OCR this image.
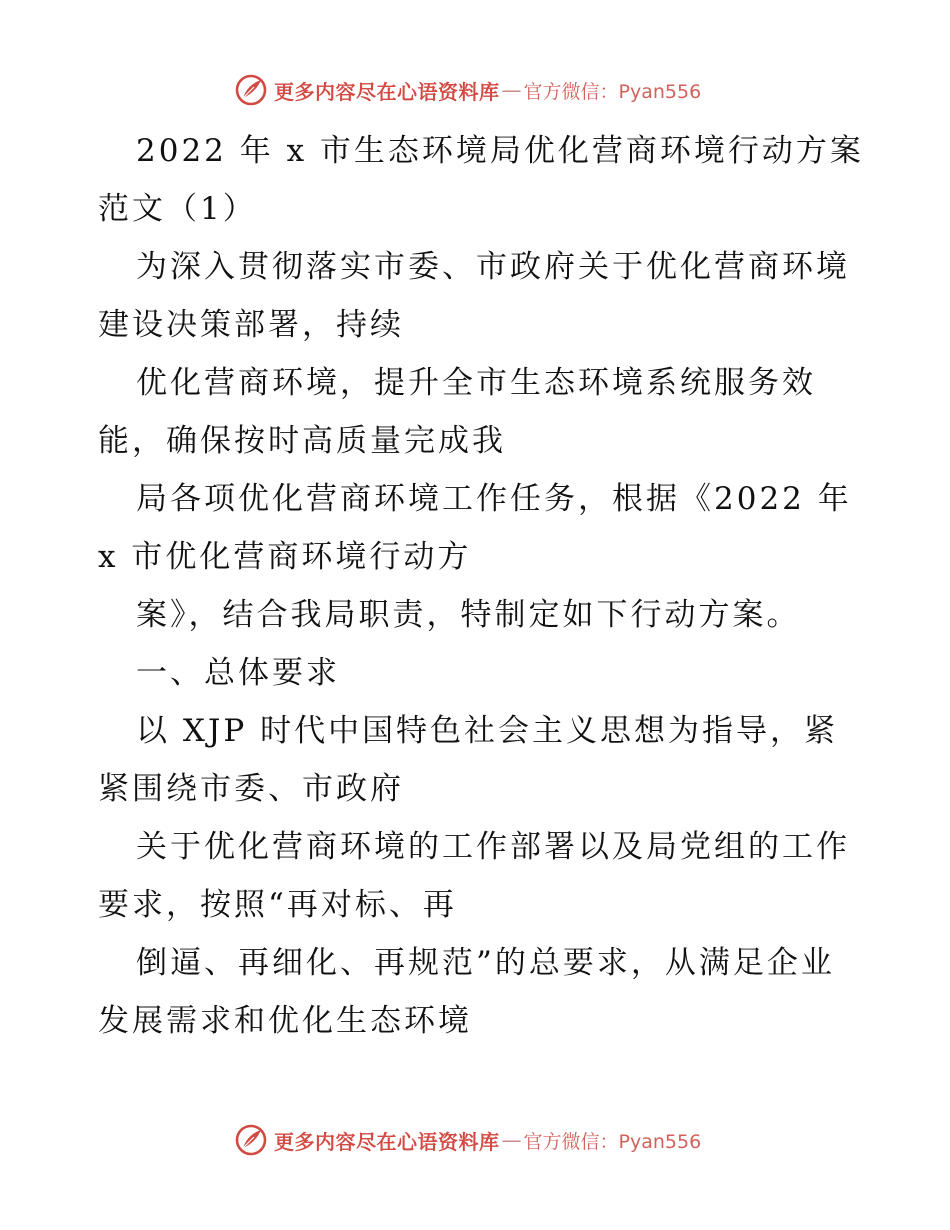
更多内容尽在心语资料库 — 官方微信：Pyan556

2022 年 x 市生态环境局优化营商环境行动方案
范文（1）

为深入贯彻落实市委、市政府关于优化营商环境
建设决策部署，持续

优化营商环境，提升全市生态环境系统服务效
能，确保按时高质量完成我

局各项优化营商环境工作任务，根据《2022 年
x 市优化营商环境行动方

案》，结合我局职责，特制定如下行动方案。

一、总体要求

以 XJP 时代中国特色社会主义思想为指导，紧
紧围绕市委、市政府

关于优化营商环境的工作部署以及局党组的工作
要求，按照“再对标、再

倒逼、再细化、再规范”的总要求，从满足企业
发展需求和优化生态环境

更多内容尽在心语资料库 — 官方微信：Pyan556
